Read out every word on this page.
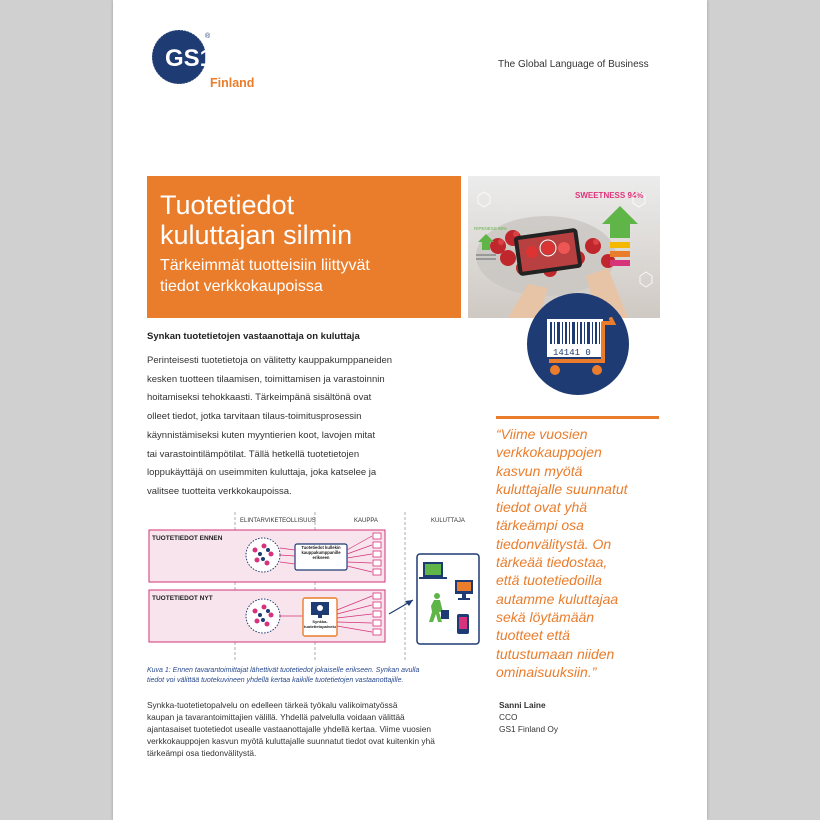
GS1
®
Finland
The Global Language of Business
Tuotetiedot
kuluttajan silmin
Tärkeimmät tuotteisiin liittyvät
tiedot verkkokaupoissa
SWEETNESS 94%
RIPENESS 98%
14141 0
Synkan tuotetietojen vastaanottaja on kuluttaja
Perinteisesti tuotetietoja on välitetty kauppakumppaneiden
kesken tuotteen tilaamisen, toimittamisen ja varastoinnin
hoitamiseksi tehokkaasti. Tärkeimpänä sisältönä ovat
olleet tiedot, jotka tarvitaan tilaus-toimitusprosessin
käynnistämiseksi kuten myyntierien koot, lavojen mitat
tai varastointilämpötilat. Tällä hetkellä tuotetietojen
loppukäyttäjä on useimmiten kuluttaja, joka katselee ja
valitsee tuotteita verkkokaupoissa.
ELINTARVIKETEOLLISUUS	KAUPPA	KULUTTAJA
TUOTETIEDOT ENNEN
Tuotetiedot kullekin kauppakumppanille erikseen
TUOTETIEDOT NYT
Synkka-tuotetietopalvelu
Kuva 1: Ennen tavarantoimittajat lähettivät tuotetiedot jokaiselle erikseen. Synkan avulla
tiedot voi välittää tuotekuvineen yhdellä kertaa kaikille tuotetietojen vastaanottajille.
Synkka-tuotetietopalvelu on edelleen tärkeä työkalu valikoimatyössä
kaupan ja tavarantoimittajien välillä. Yhdellä palvelulla voidaan välittää
ajantasaiset tuotetiedot usealle vastaanottajalle yhdellä kertaa. Viime vuosien
verkkokauppojen kasvun myötä kuluttajalle suunnatut tiedot ovat kuitenkin yhä
tärkeämpi osa tiedonvälitystä.
“Viime vuosien
verkkokauppojen
kasvun myötä
kuluttajalle suunnatut
tiedot ovat yhä
tärkeämpi osa
tiedonvälitystä. On
tärkeää tiedostaa,
että tuotetiedoilla
autamme kuluttajaa
sekä löytämään
tuotteet että
tutustumaan niiden
ominaisuuksiin.”
Sanni Laine
CCO
GS1 Finland Oy
